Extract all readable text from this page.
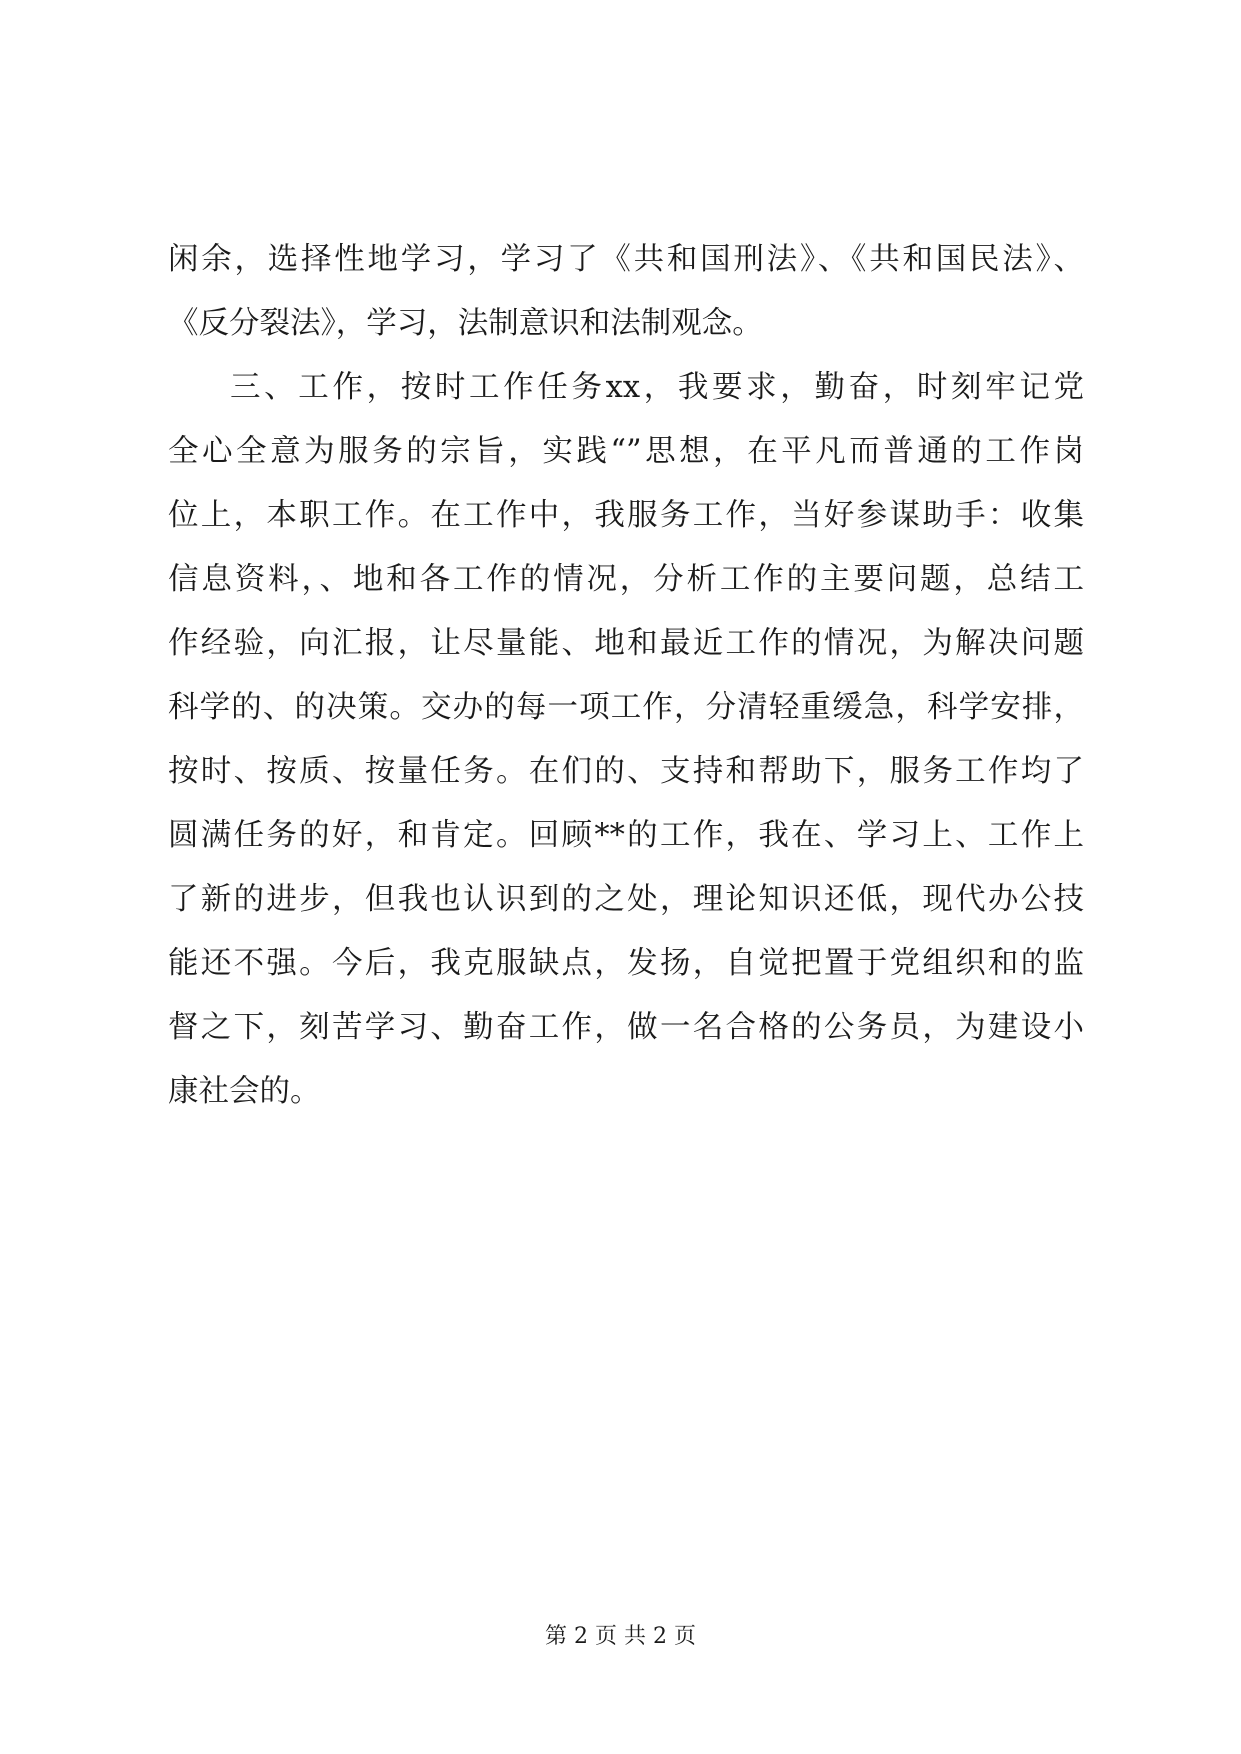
闲余，选择性地学习，学习了《共和国刑法》、《共和国民法》、
《反分裂法》，学习，法制意识和法制观念。
三、工作，按时工作任务xx，我要求，勤奋，时刻牢记党
全心全意为服务的宗旨，实践“”思想，在平凡而普通的工作岗
位上，本职工作。在工作中，我服务工作，当好参谋助手：收集
信息资料，、地和各工作的情况，分析工作的主要问题，总结工
作经验，向汇报，让尽量能、地和最近工作的情况，为解决问题
科学的、的决策。交办的每一项工作，分清轻重缓急，科学安排，
按时、按质、按量任务。在们的、支持和帮助下，服务工作均了
圆满任务的好，和肯定。回顾**的工作，我在、学习上、工作上
了新的进步，但我也认识到的之处，理论知识还低，现代办公技
能还不强。今后，我克服缺点，发扬，自觉把置于党组织和的监
督之下，刻苦学习、勤奋工作，做一名合格的公务员，为建设小
康社会的。
第 2 页 共 2 页
